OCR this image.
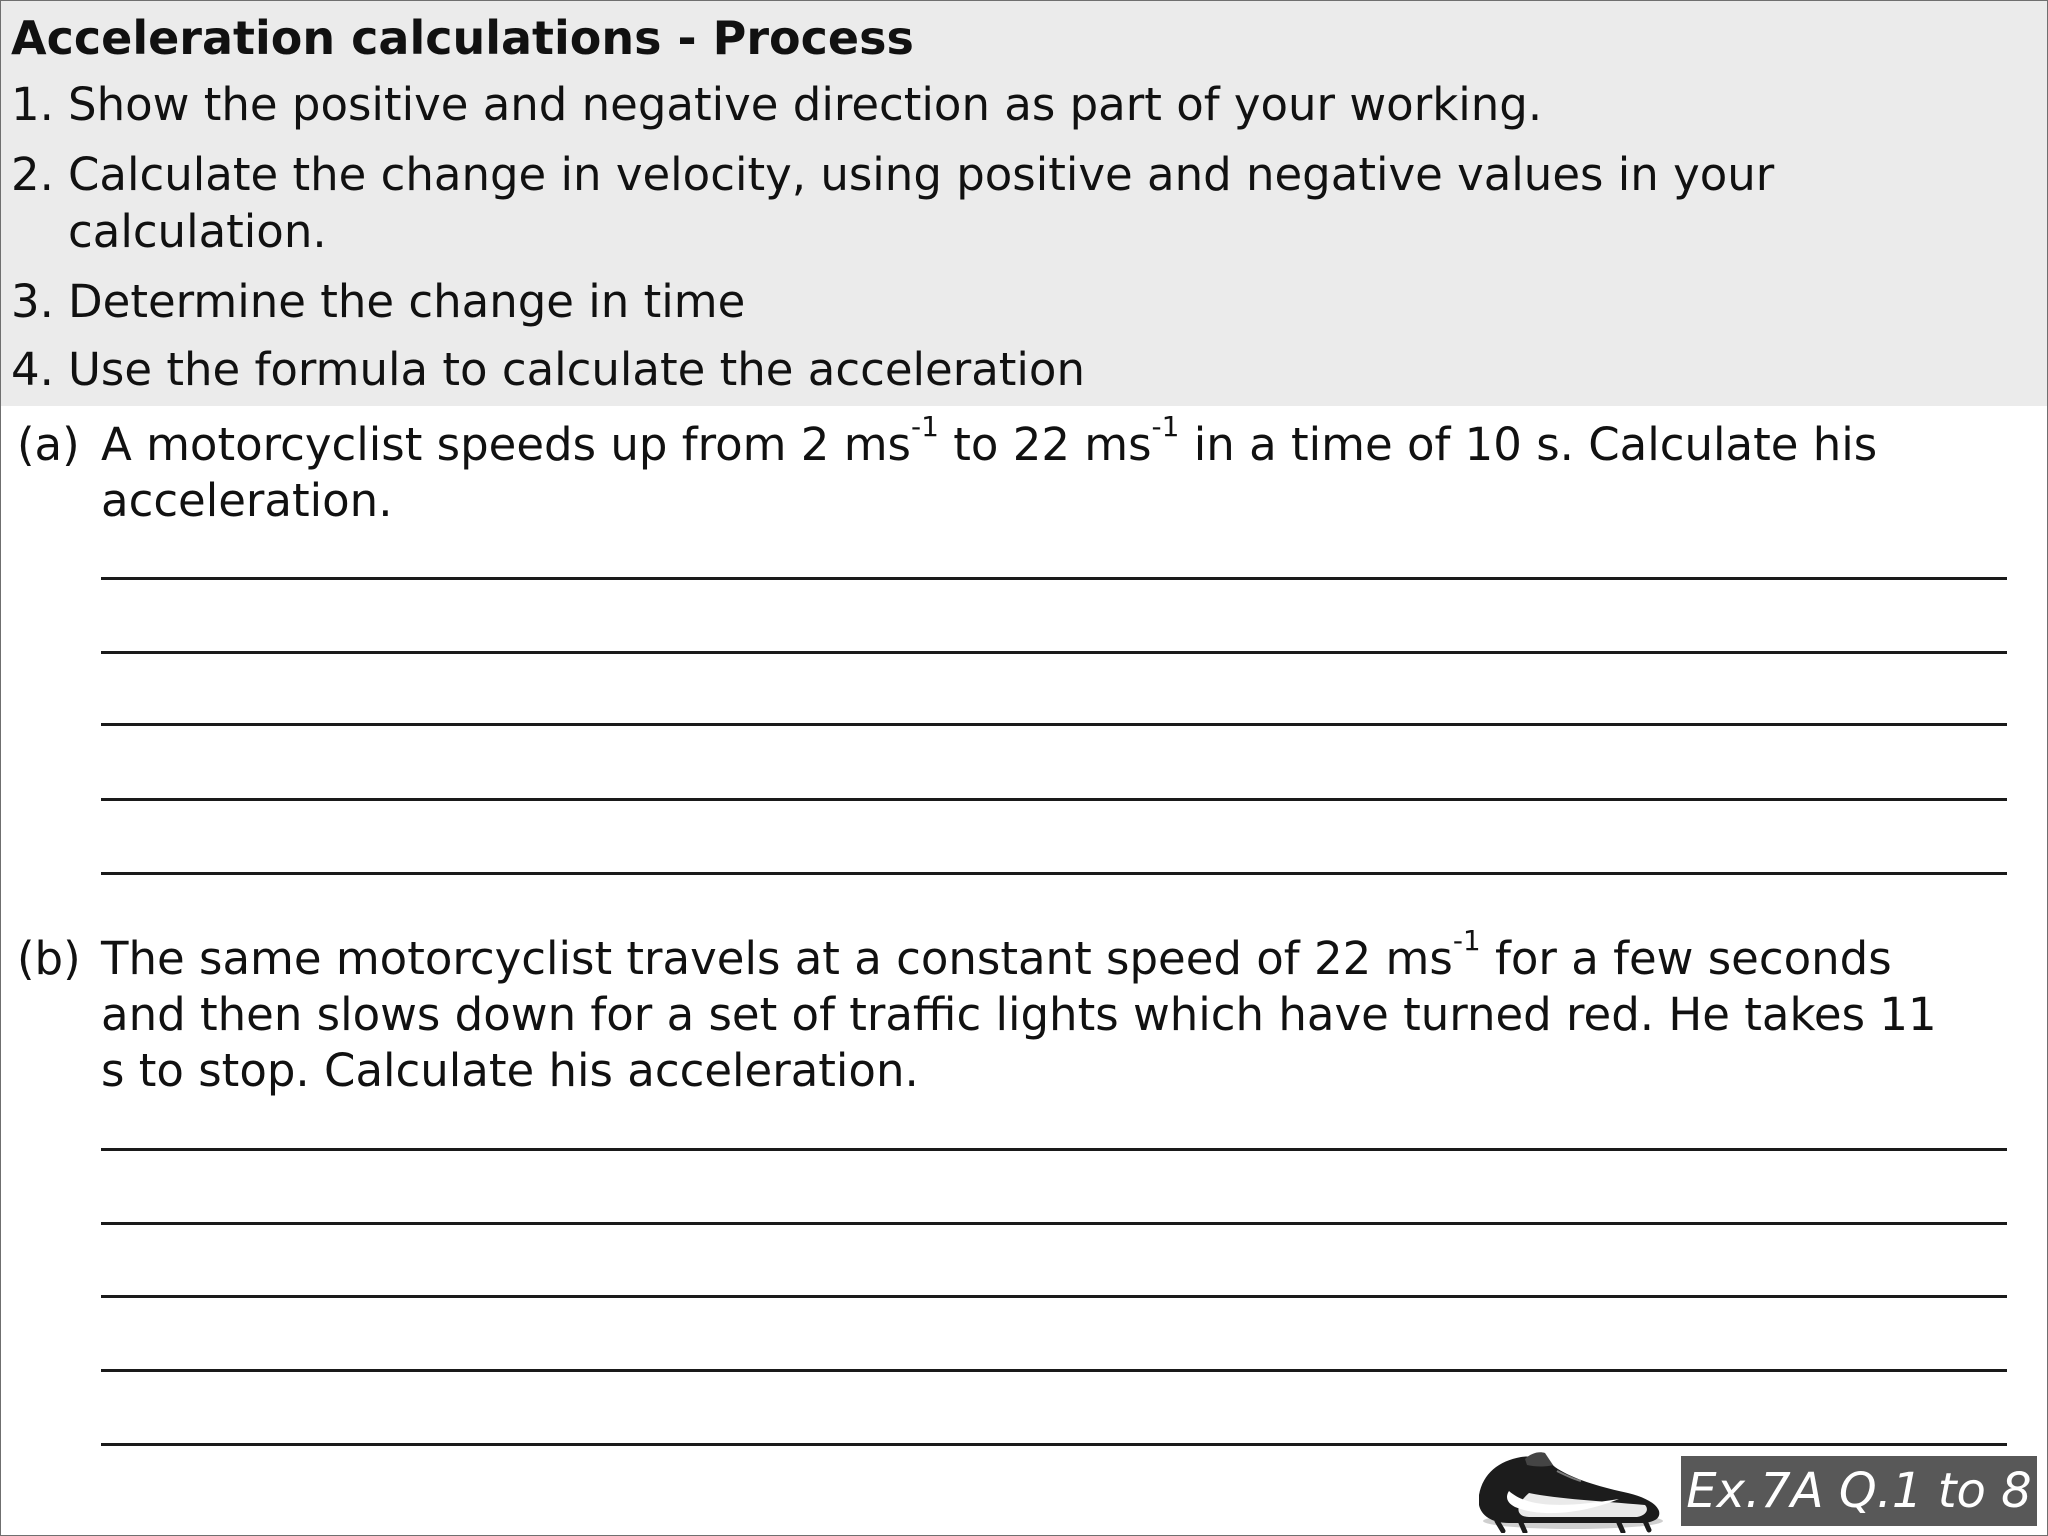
Acceleration calculations - Process
1. Show the positive and negative direction as part of your working.
2. Calculate the change in velocity, using positive and negative values in your
calculation.
3. Determine the change in time
4. Use the formula to calculate the acceleration
(a) A motorcyclist speeds up from 2 $ms^{-1}$ to 22 $ms^{-1}$ in a time of 10 s. Calculate his
acceleration.
(b) The same motorcyclist travels at a constant speed of 22 $ms^{-1}$ for a few seconds
and then slows down for a set of traffic lights which have turned red. He takes 11
s to stop. Calculate his acceleration.
Ex.7A Q.1 to 8
